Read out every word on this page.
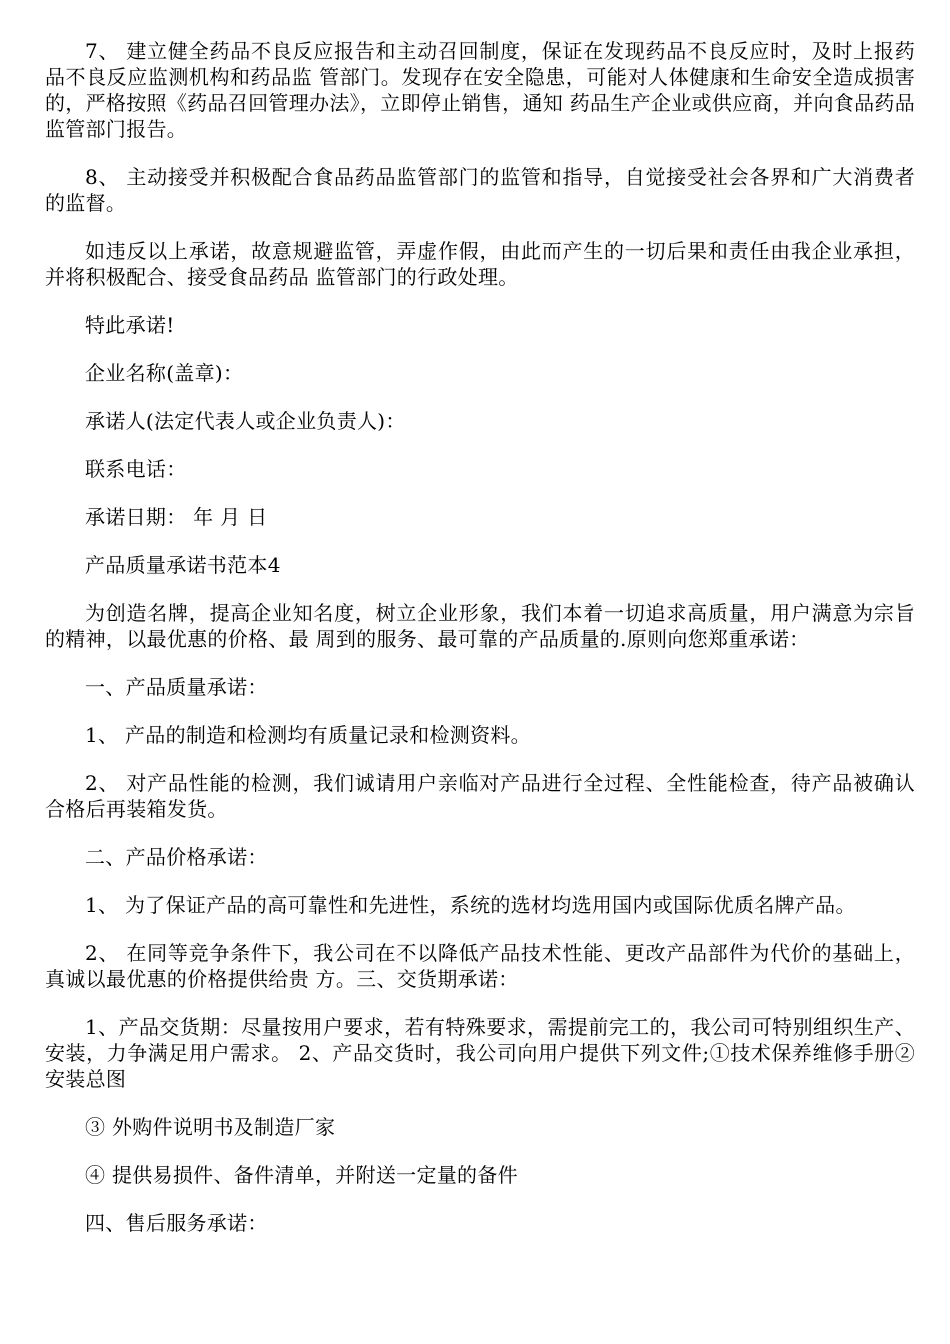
7、 建立健全药品不良反应报告和主动召回制度，保证在发现药品不良反应时，及时上报药品不良反应监测机构和药品监 管部门。发现存在安全隐患，可能对人体健康和生命安全造成损害的，严格按照《药品召回管理办法》，立即停止销售，通知 药品生产企业或供应商，并向食品药品监管部门报告。

8、 主动接受并积极配合食品药品监管部门的监管和指导，自觉接受社会各界和广大消费者的监督。

如违反以上承诺，故意规避监管，弄虚作假，由此而产生的一切后果和责任由我企业承担，并将积极配合、接受食品药品 监管部门的行政处理。

特此承诺!

企业名称(盖章)：

承诺人(法定代表人或企业负责人)：

联系电话：

承诺日期： 年 月 日

产品质量承诺书范本4

为创造名牌，提高企业知名度，树立企业形象，我们本着一切追求高质量，用户满意为宗旨的精神，以最优惠的价格、最 周到的服务、最可靠的产品质量的.原则向您郑重承诺：

一、产品质量承诺：

1、 产品的制造和检测均有质量记录和检测资料。

2、 对产品性能的检测，我们诚请用户亲临对产品进行全过程、全性能检查，待产品被确认合格后再装箱发货。

二、产品价格承诺：

1、 为了保证产品的高可靠性和先进性，系统的选材均选用国内或国际优质名牌产品。

2、 在同等竞争条件下，我公司在不以降低产品技术性能、更改产品部件为代价的基础上，真诚以最优惠的价格提供给贵 方。三、交货期承诺：

1、产品交货期：尽量按用户要求，若有特殊要求，需提前完工的，我公司可特别组织生产、安装，力争满足用户需求。 2、产品交货时，我公司向用户提供下列文件;①技术保养维修手册②安装总图

③ 外购件说明书及制造厂家

④ 提供易损件、备件清单，并附送一定量的备件

四、售后服务承诺：
